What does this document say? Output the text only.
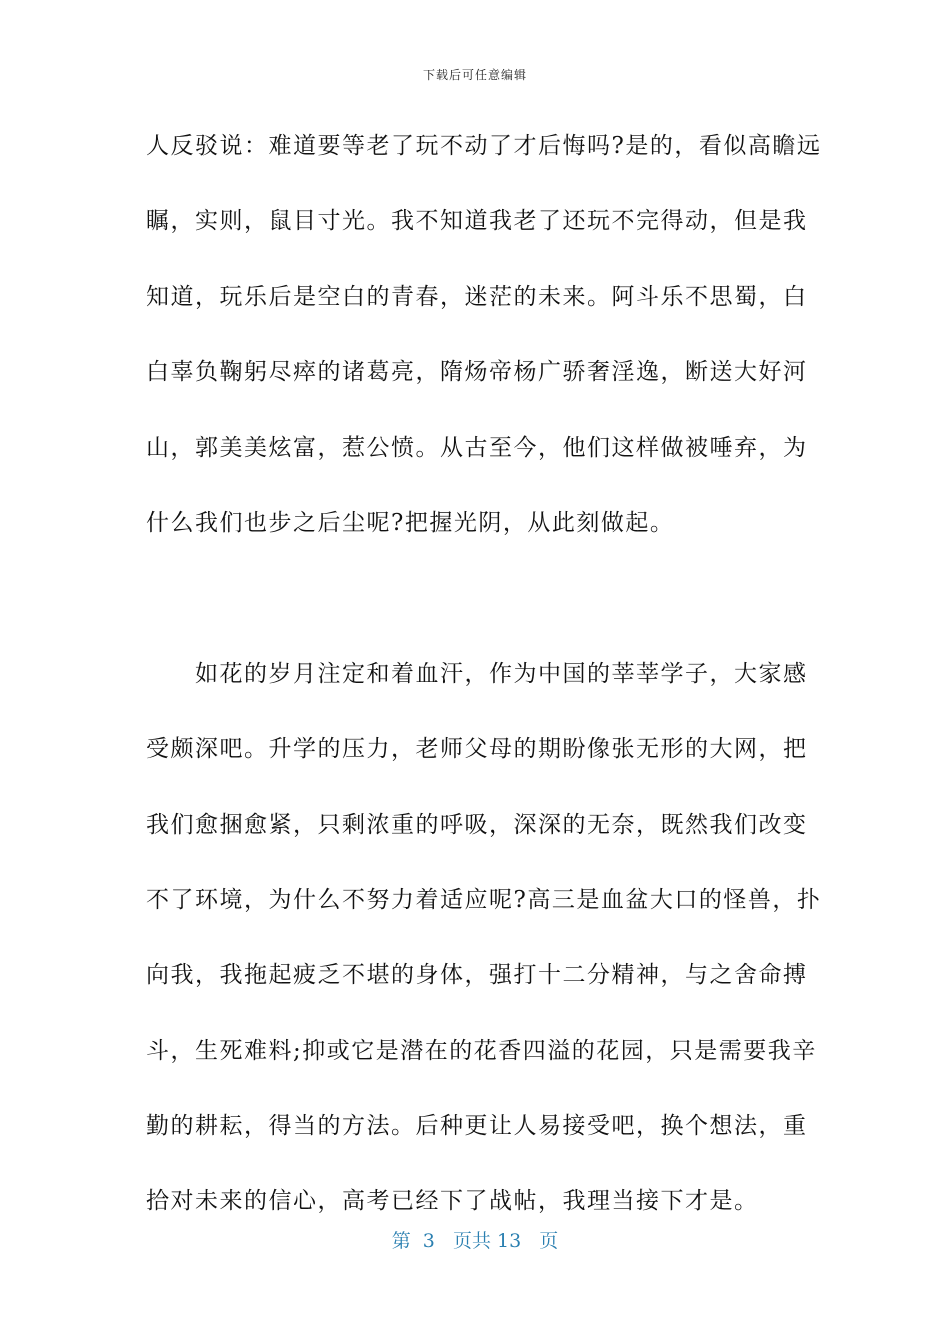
下载后可任意编辑
人反驳说：难道要等老了玩不动了才后悔吗?是的，看似高瞻远
瞩，实则，鼠目寸光。我不知道我老了还玩不完得动，但是我
知道，玩乐后是空白的青春，迷茫的未来。阿斗乐不思蜀，白
白辜负鞠躬尽瘁的诸葛亮，隋炀帝杨广骄奢淫逸，断送大好河
山，郭美美炫富，惹公愤。从古至今，他们这样做被唾弃，为
什么我们也步之后尘呢?把握光阴，从此刻做起。
　　如花的岁月注定和着血汗，作为中国的莘莘学子，大家感
受颇深吧。升学的压力，老师父母的期盼像张无形的大网，把
我们愈捆愈紧，只剩浓重的呼吸，深深的无奈，既然我们改变
不了环境，为什么不努力着适应呢?高三是血盆大口的怪兽，扑
向我，我拖起疲乏不堪的身体，强打十二分精神，与之舍命搏
斗，生死难料;抑或它是潜在的花香四溢的花园，只是需要我辛
勤的耕耘，得当的方法。后种更让人易接受吧，换个想法，重
拾对未来的信心，高考已经下了战帖，我理当接下才是。
第  3   页共 13   页
